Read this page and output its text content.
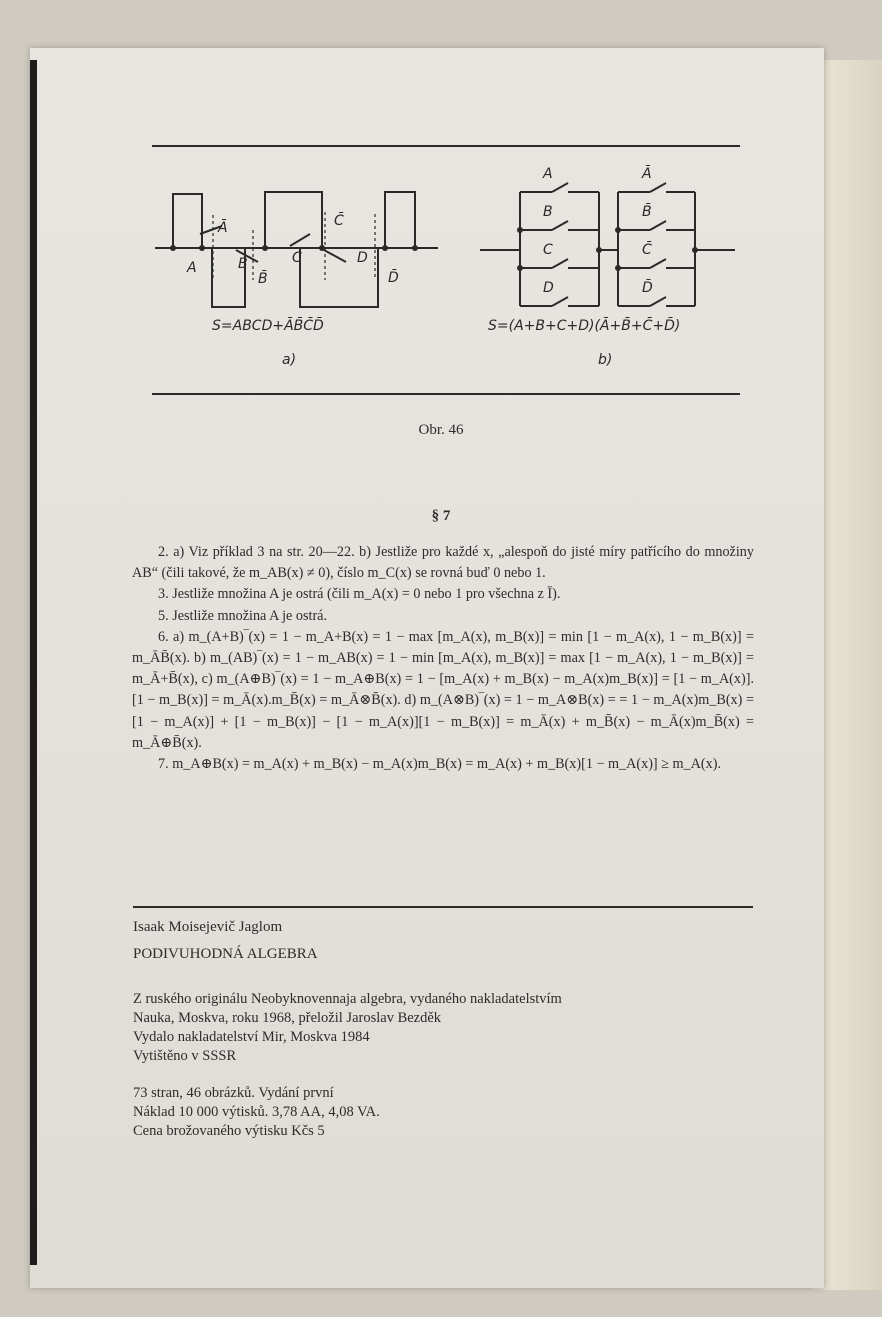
A
Ā
B
B̄
C
C̄
D
D̄
S=ABCD+ĀB̄C̄D̄
a)
A
B
C
D
Ā
B̄
C̄
D̄
S=(A+B+C+D)(Ā+B̄+C̄+D̄)
b)
Obr. 46
§ 7

2. a) Viz příklad 3 na str. 20—22. b) Jestliže pro každé x, „alespoň do jisté míry patřícího do množiny AB“ (čili takové, že m_AB(x) ≠ 0), číslo m_C(x) se rovná buď 0 nebo 1.

3. Jestliže množina A je ostrá (čili m_A(x) = 0 nebo 1 pro všechna z Ī).

5. Jestliže množina A je ostrá.

6. a) m_(A+B)‾(x) = 1 − m_A+B(x) = 1 − max [m_A(x), m_B(x)] = min [1 − m_A(x), 1 − m_B(x)] = m_ĀB̄(x). b) m_(AB)‾(x) = 1 − m_AB(x) = 1 − min [m_A(x), m_B(x)] = max [1 − m_A(x), 1 − m_B(x)] = m_Ā+B̄(x), c) m_(A⊕B)‾(x) = 1 − m_A⊕B(x) = 1 − [m_A(x) + m_B(x) − m_A(x)m_B(x)] = [1 − m_A(x)].[1 − m_B(x)] = m_Ā(x).m_B̄(x) = m_Ā⊗B̄(x). d) m_(A⊗B)‾(x) = 1 − m_A⊗B(x) = = 1 − m_A(x)m_B(x) = [1 − m_A(x)] + [1 − m_B(x)] − [1 − m_A(x)][1 − m_B(x)] = m_Ā(x) + m_B̄(x) − m_Ā(x)m_B̄(x) = m_Ā⊕B̄(x).

7. m_A⊕B(x) = m_A(x) + m_B(x) − m_A(x)m_B(x) = m_A(x) + m_B(x)[1 − m_A(x)] ≥ m_A(x).

Isaak Moisejevič Jaglom
PODIVUHODNÁ ALGEBRA
Z ruského originálu Neobyknovennaja algebra, vydaného nakladatelstvím
Nauka, Moskva, roku 1968, přeložil Jaroslav Bezděk
Vydalo nakladatelství Mir, Moskva 1984
Vytištěno v SSSR
73 stran, 46 obrázků. Vydání první
Náklad 10 000 výtisků. 3,78 AA, 4,08 VA.
Cena brožovaného výtisku Kčs 5
